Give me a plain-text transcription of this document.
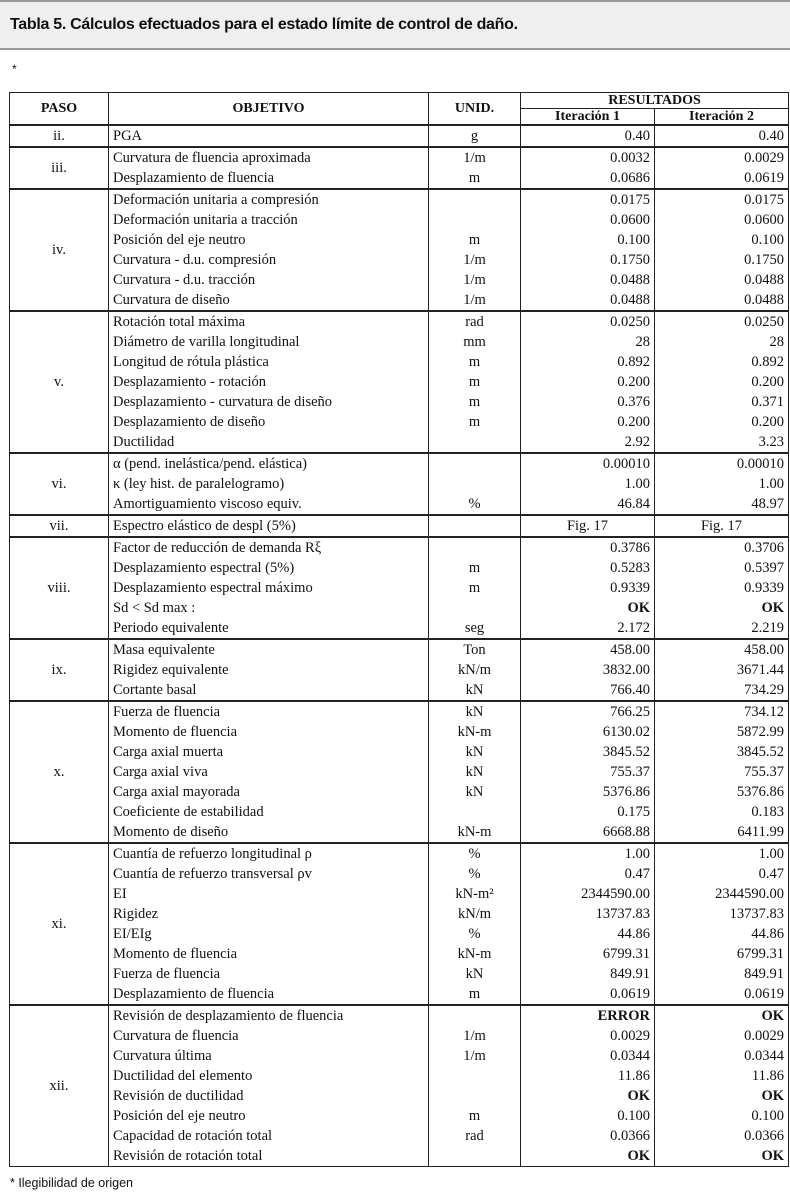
Tabla 5. Cálculos efectuados para el estado límite de control de daño.
*
PASO	OBJETIVO	UNID.	RESULTADOS	
			Iteración 1	Iteración 2
ii.	PGA	g	0.40	0.40
iii.	Curvatura de fluencia aproximada	1/m	0.0032	0.0029
	Desplazamiento de fluencia	m	0.0686	0.0619
iv.	Deformación unitaria a compresión		0.0175	0.0175
	Deformación unitaria a tracción		0.0600	0.0600
	Posición del eje neutro	m	0.100	0.100
	Curvatura - d.u. compresión	1/m	0.1750	0.1750
	Curvatura - d.u. tracción	1/m	0.0488	0.0488
	Curvatura de diseño	1/m	0.0488	0.0488
v.	Rotación total máxima	rad	0.0250	0.0250
	Diámetro de varilla longitudinal	mm	28	28
	Longitud de rótula plástica	m	0.892	0.892
	Desplazamiento - rotación	m	0.200	0.200
	Desplazamiento - curvatura de diseño	m	0.376	0.371
	Desplazamiento de diseño	m	0.200	0.200
	Ductilidad		2.92	3.23
vi.	α (pend. inelástica/pend. elástica)		0.00010	0.00010
	κ (ley hist. de paralelogramo)		1.00	1.00
	Amortiguamiento viscoso equiv.	%	46.84	48.97
vii.	Espectro elástico de despl (5%)		Fig. 17	Fig. 17
viii.	Factor de reducción de demanda Rξ		0.3786	0.3706
	Desplazamiento espectral (5%)	m	0.5283	0.5397
	Desplazamiento espectral máximo	m	0.9339	0.9339
	Sd < Sd max :		OK	OK
	Periodo equivalente	seg	2.172	2.219
ix.	Masa equivalente	Ton	458.00	458.00
	Rigidez equivalente	kN/m	3832.00	3671.44
	Cortante basal	kN	766.40	734.29
x.	Fuerza de fluencia	kN	766.25	734.12
	Momento de fluencia	kN-m	6130.02	5872.99
	Carga axial muerta	kN	3845.52	3845.52
	Carga axial viva	kN	755.37	755.37
	Carga axial mayorada	kN	5376.86	5376.86
	Coeficiente de estabilidad		0.175	0.183
	Momento de diseño	kN-m	6668.88	6411.99
xi.	Cuantía de refuerzo longitudinal ρ	%	1.00	1.00
	Cuantía de refuerzo transversal ρv	%	0.47	0.47
	EI	kN-m²	2344590.00	2344590.00
	Rigidez	kN/m	13737.83	13737.83
	EI/EIg	%	44.86	44.86
	Momento de fluencia	kN-m	6799.31	6799.31
	Fuerza de fluencia	kN	849.91	849.91
	Desplazamiento de fluencia	m	0.0619	0.0619
xii.	Revisión de desplazamiento de fluencia		ERROR	OK
	Curvatura de fluencia	1/m	0.0029	0.0029
	Curvatura última	1/m	0.0344	0.0344
	Ductilidad del elemento		11.86	11.86
	Revisión de ductilidad		OK	OK
	Posición del eje neutro	m	0.100	0.100
	Capacidad de rotación total	rad	0.0366	0.0366
	Revisión de rotación total		OK	OK
* Ilegibilidad de origen
